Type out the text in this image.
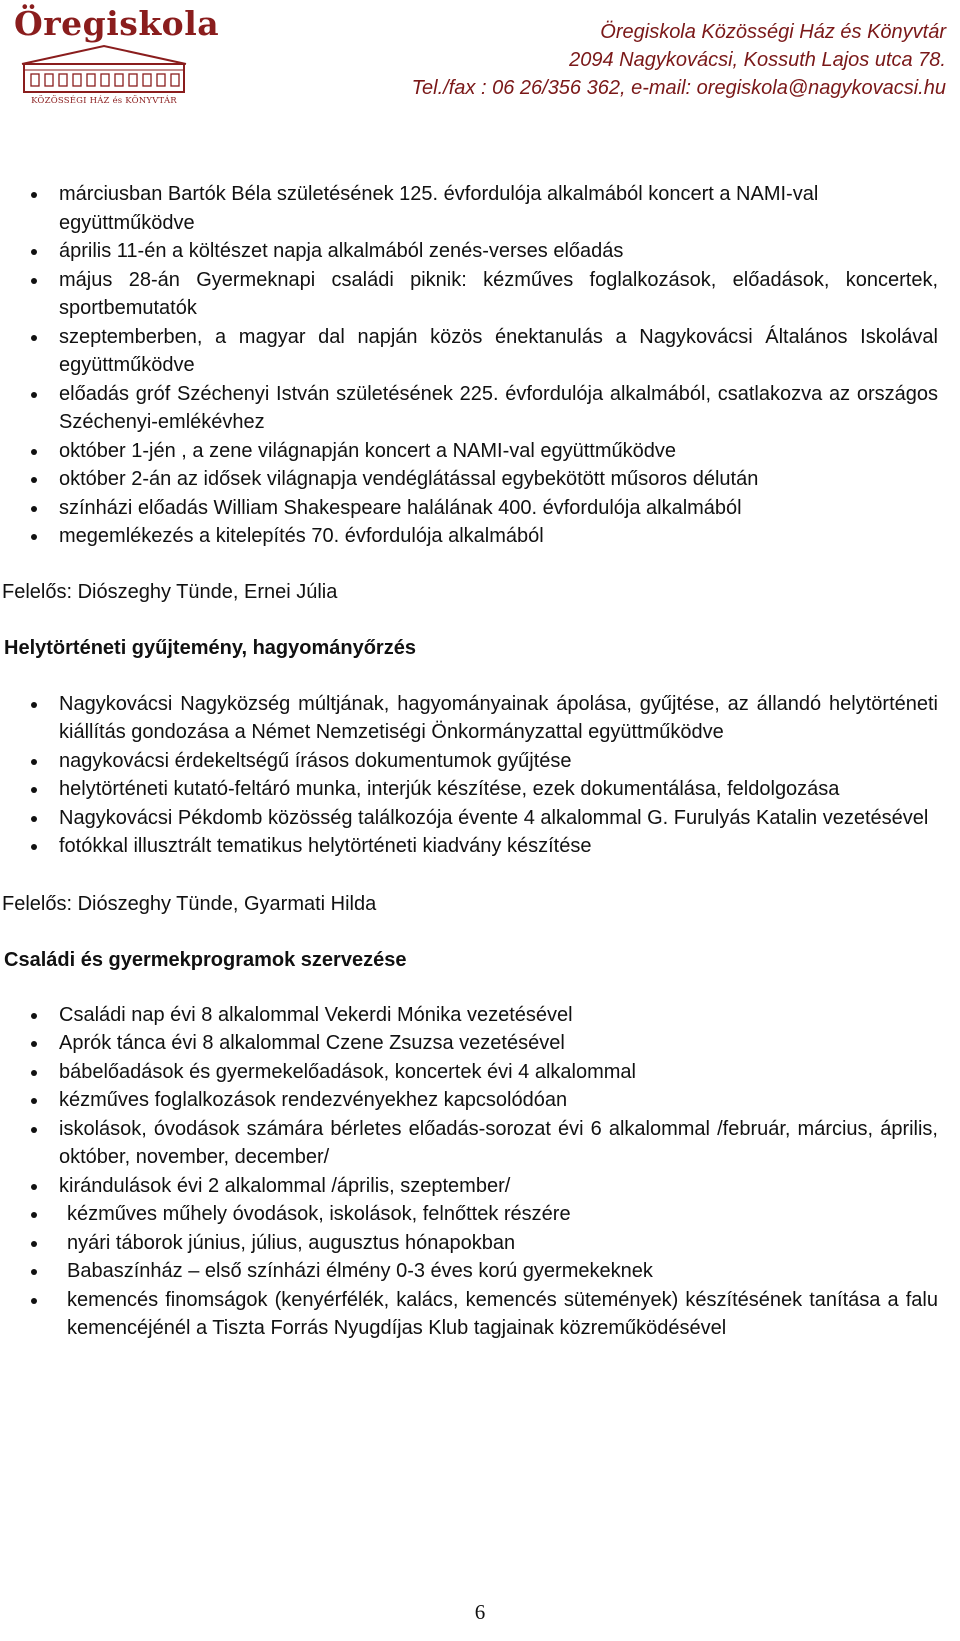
Öregiskola
KÖZÖSSÉGI HÁZ és KÖNYVTÁR
Öregiskola Közösségi Ház és Könyvtár
2094 Nagykovácsi, Kossuth Lajos utca 78.
Tel./fax : 06 26/356 362, e-mail: oregiskola@nagykovacsi.hu
márciusban Bartók Béla születésének 125. évfordulója alkalmából koncert a NAMI-val együttműködve
április 11-én a költészet napja alkalmából zenés-verses előadás
május 28-án Gyermeknapi családi piknik: kézműves foglalkozások, előadások, koncertek, sportbemutatók
szeptemberben, a magyar dal napján közös énektanulás a Nagykovácsi Általános Iskolával együttműködve
előadás gróf Széchenyi István születésének 225. évfordulója alkalmából, csatlakozva az országos Széchenyi-emlékévhez
október 1-jén , a zene világnapján koncert a NAMI-val együttműködve
október 2-án az idősek világnapja vendéglátással egybekötött műsoros délután
színházi előadás William Shakespeare halálának 400. évfordulója alkalmából
megemlékezés a kitelepítés 70. évfordulója alkalmából
Felelős: Diószeghy Tünde, Ernei Júlia
Helytörténeti gyűjtemény, hagyományőrzés
Nagykovácsi Nagyközség múltjának, hagyományainak ápolása, gyűjtése, az állandó helytörténeti kiállítás gondozása a Német Nemzetiségi Önkormányzattal együttműködve
nagykovácsi érdekeltségű írásos dokumentumok gyűjtése
helytörténeti kutató-feltáró munka, interjúk készítése, ezek dokumentálása, feldolgozása
Nagykovácsi Pékdomb közösség találkozója évente 4 alkalommal G. Furulyás Katalin vezetésével
fotókkal illusztrált tematikus helytörténeti kiadvány készítése
Felelős: Diószeghy Tünde, Gyarmati Hilda
Családi és gyermekprogramok szervezése
Családi nap évi 8 alkalommal Vekerdi Mónika vezetésével
Aprók tánca évi 8 alkalommal Czene Zsuzsa vezetésével
bábelőadások és gyermekelőadások, koncertek évi 4 alkalommal
kézműves foglalkozások rendezvényekhez kapcsolódóan
iskolások, óvodások számára bérletes előadás-sorozat évi 6 alkalommal /február, március, április, október, november, december/
kirándulások évi 2 alkalommal /április, szeptember/
kézműves műhely óvodások, iskolások, felnőttek részére
nyári táborok június, július, augusztus hónapokban
Babaszínház – első színházi élmény 0-3 éves korú gyermekeknek
kemencés finomságok (kenyérfélék, kalács, kemencés sütemények) készítésének tanítása a falu kemencéjénél a Tiszta Forrás Nyugdíjas Klub tagjainak közreműködésével
6
